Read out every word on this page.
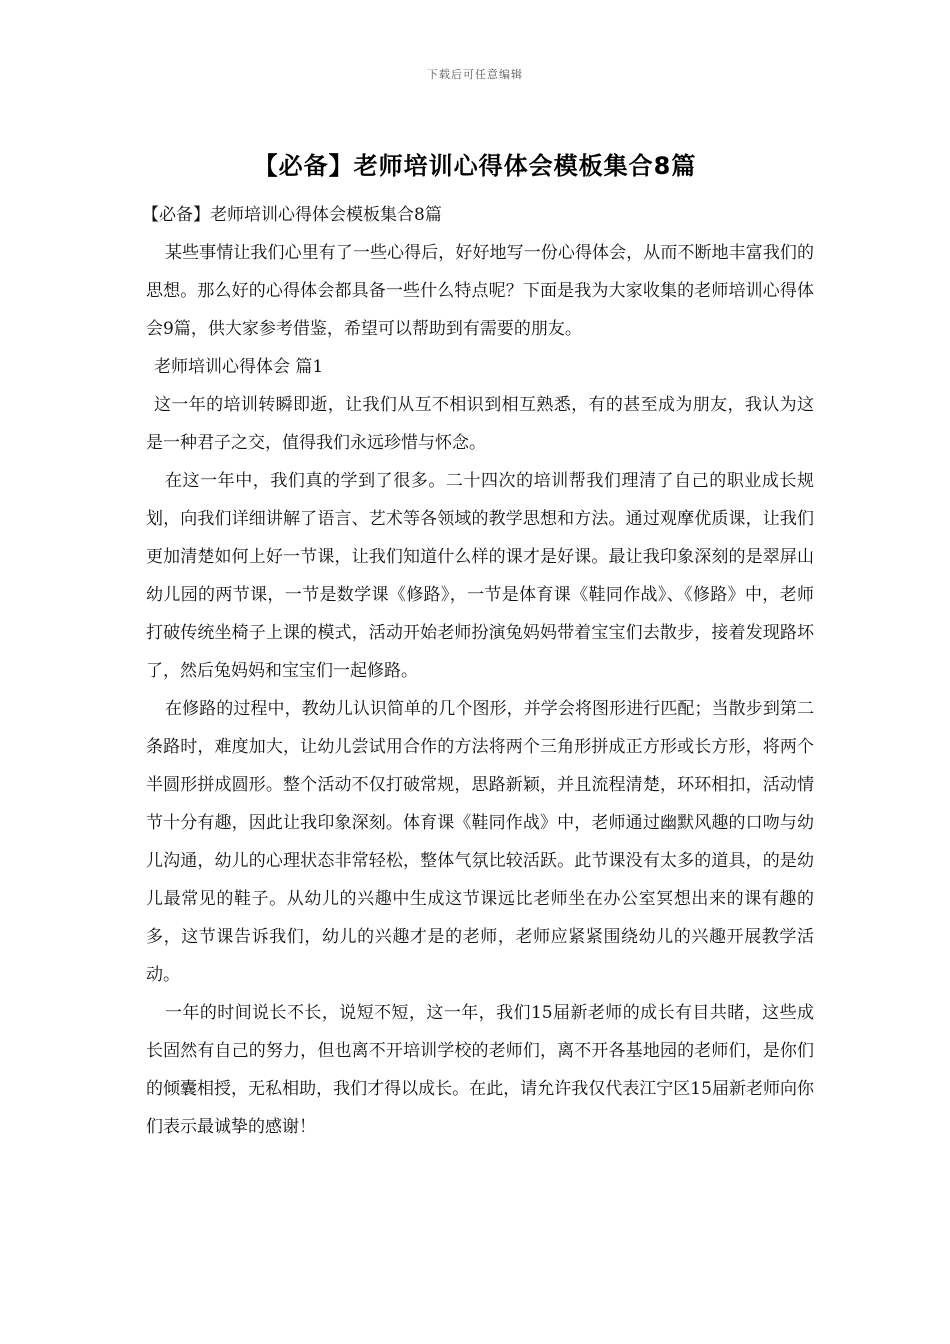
下载后可任意编辑
【必备】老师培训心得体会模板集合8篇

【必备】老师培训心得体会模板集合8篇

某些事情让我们心里有了一些心得后，好好地写一份心得体会，从而不断地丰富我们的思想。那么好的心得体会都具备一些什么特点呢？下面是我为大家收集的老师培训心得体会9篇，供大家参考借鉴，希望可以帮助到有需要的朋友。

老师培训心得体会 篇1

这一年的培训转瞬即逝，让我们从互不相识到相互熟悉，有的甚至成为朋友，我认为这是一种君子之交，值得我们永远珍惜与怀念。

在这一年中，我们真的学到了很多。二十四次的培训帮我们理清了自己的职业成长规划，向我们详细讲解了语言、艺术等各领域的教学思想和方法。通过观摩优质课，让我们更加清楚如何上好一节课，让我们知道什么样的课才是好课。最让我印象深刻的是翠屏山幼儿园的两节课，一节是数学课《修路》，一节是体育课《鞋同作战》、《修路》中，老师打破传统坐椅子上课的模式，活动开始老师扮演兔妈妈带着宝宝们去散步，接着发现路坏了，然后兔妈妈和宝宝们一起修路。

在修路的过程中，教幼儿认识简单的几个图形，并学会将图形进行匹配；当散步到第二条路时，难度加大，让幼儿尝试用合作的方法将两个三角形拼成正方形或长方形，将两个半圆形拼成圆形。整个活动不仅打破常规，思路新颖，并且流程清楚，环环相扣，活动情节十分有趣，因此让我印象深刻。体育课《鞋同作战》中，老师通过幽默风趣的口吻与幼儿沟通，幼儿的心理状态非常轻松，整体气氛比较活跃。此节课没有太多的道具，的是幼儿最常见的鞋子。从幼儿的兴趣中生成这节课远比老师坐在办公室冥想出来的课有趣的多，这节课告诉我们，幼儿的兴趣才是的老师，老师应紧紧围绕幼儿的兴趣开展教学活动。

一年的时间说长不长，说短不短，这一年，我们15届新老师的成长有目共睹，这些成长固然有自己的努力，但也离不开培训学校的老师们，离不开各基地园的老师们，是你们的倾囊相授，无私相助，我们才得以成长。在此，请允许我仅代表江宁区15届新老师向你们表示最诚挚的感谢！
